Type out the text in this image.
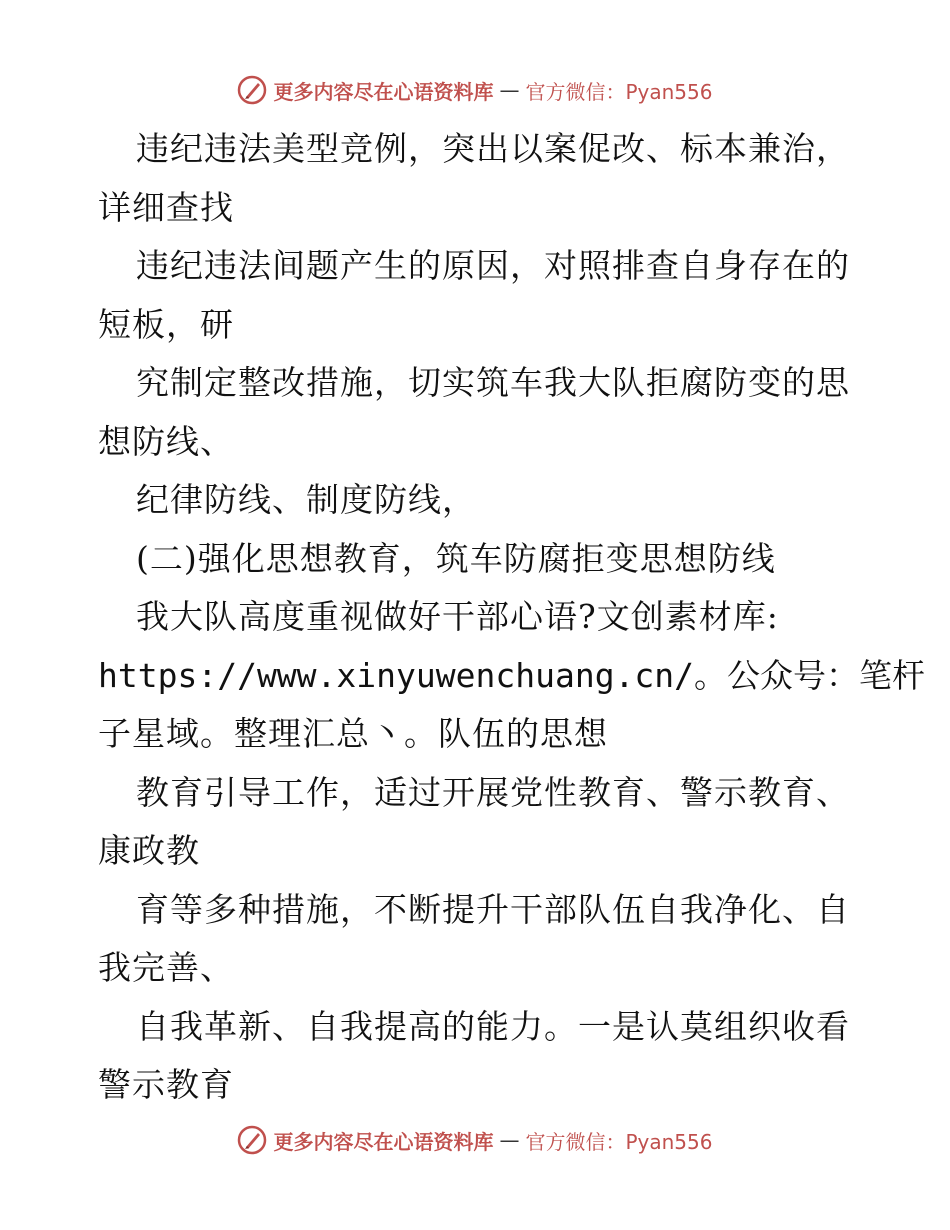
更多内容尽在心语资料库 — 官方微信：Pyan556
违纪违法美型竞例，突出以案促改、标本兼治，
详细查找
违纪违法间题产生的原因，对照排查自身存在的
短板，研
究制定整改措施，切实筑车我大队拒腐防变的思
想防线、
纪律防线、制度防线，
(二)强化思想教育，筑车防腐拒变思想防线
我大队高度重视做好干部心语?文创素材库:
https://www.xinyuwenchuang.cn/。公众号：笔杆
子星域。整理汇总丶。队伍的思想
教育引导工作，适过开展党性教育、警示教育、
康政教
育等多种措施，不断提升干部队伍自我净化、自
我完善、
自我革新、自我提高的能力。一是认莫组织收看
警示教育
更多内容尽在心语资料库 — 官方微信：Pyan556
